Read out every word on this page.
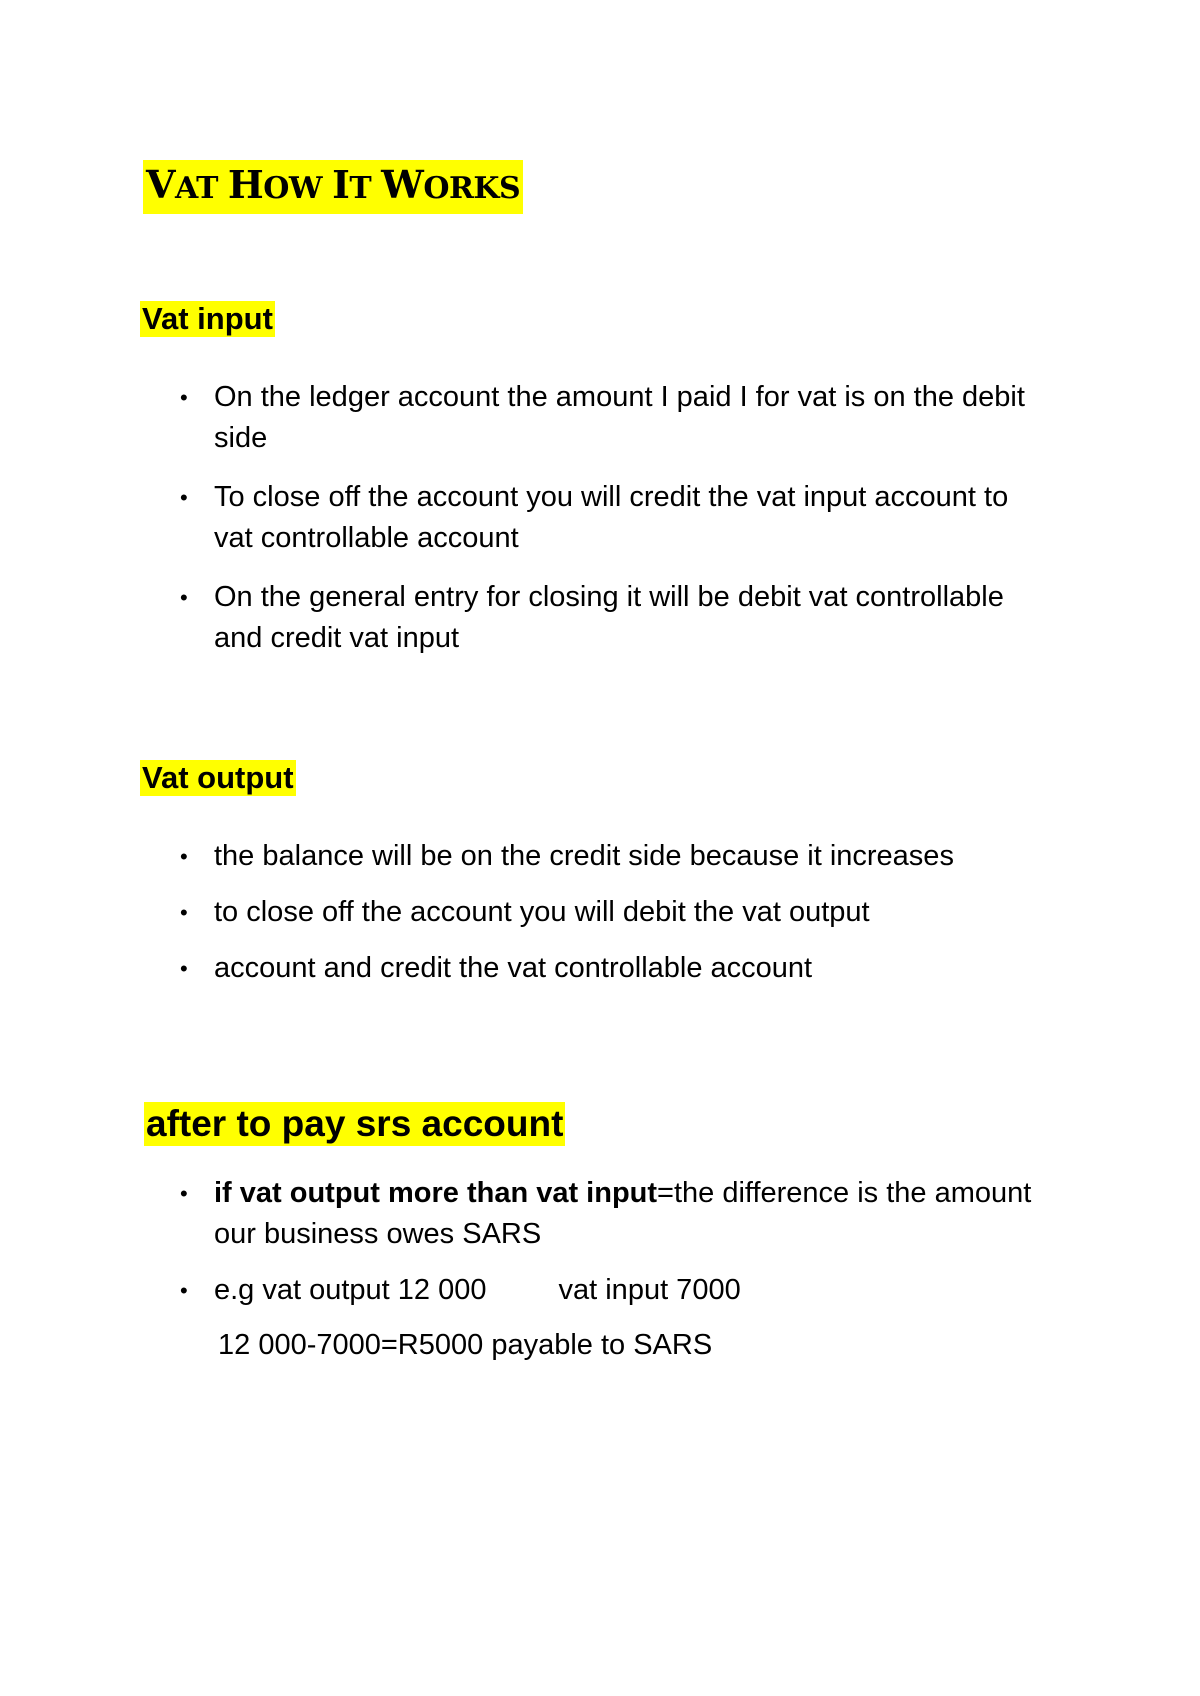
VAT HOW IT WORKS
Vat input
• On the ledger account the amount I paid I for vat is on the debit side
• To close off the account you will credit the vat input account to vat controllable account
• On the general entry for closing it will be debit vat controllable and credit vat input
Vat output
• the balance will be on the credit side because it increases
• to close off the account you will debit the vat output
• account and credit the vat controllable account
after to pay srs account
• if vat output more than vat input=the difference is the amount our business owes SARS
• e.g vat output 12 000 vat input 7000
12 000-7000=R5000 payable to SARS
